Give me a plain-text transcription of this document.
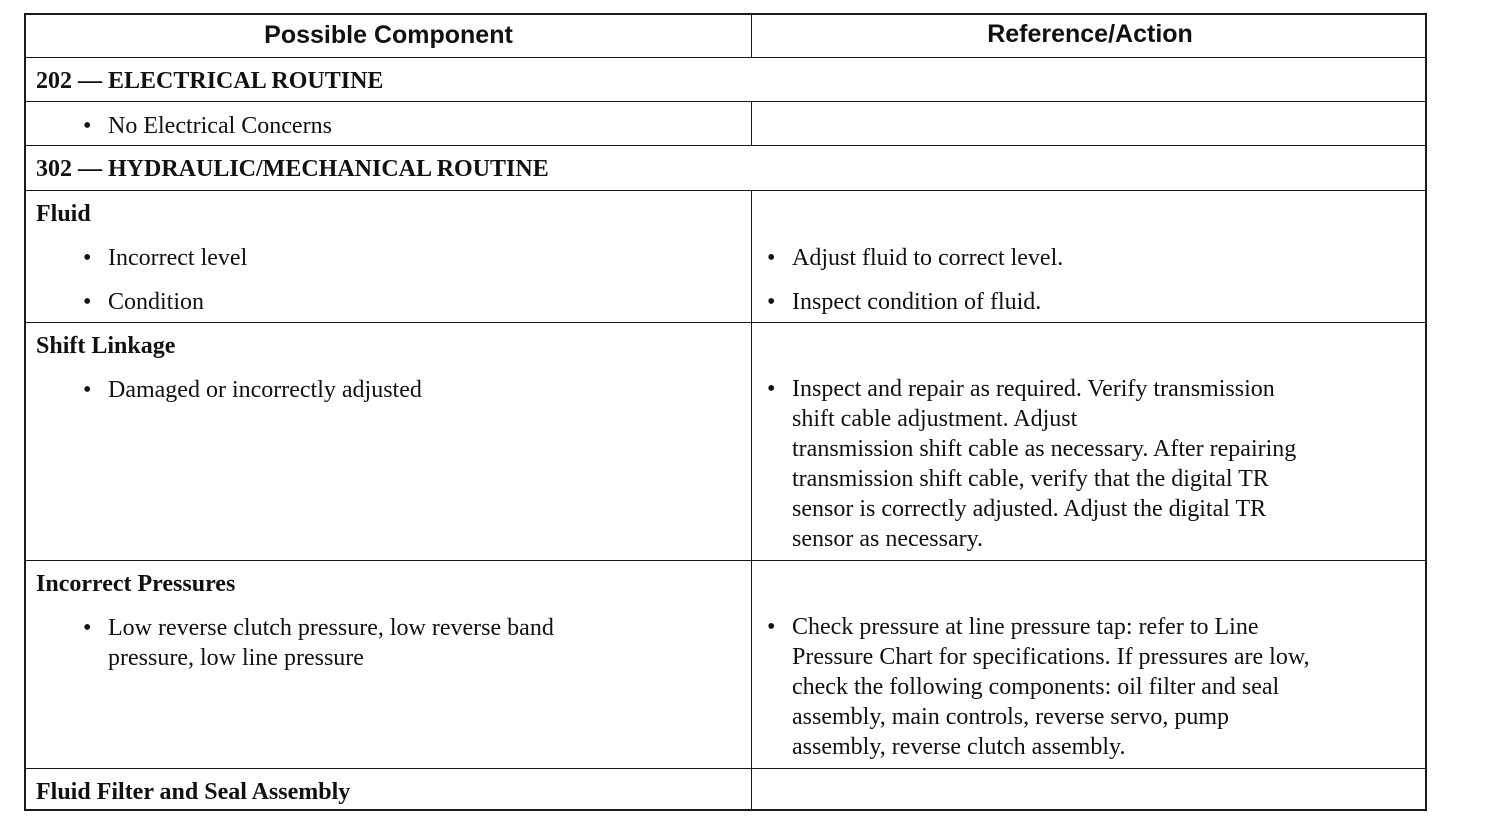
Possible Component	Reference/Action
202 — ELECTRICAL ROUTINE
• No Electrical Concerns
302 — HYDRAULIC/MECHANICAL ROUTINE
Fluid
• Incorrect level
• Condition
• Adjust fluid to correct level.
• Inspect condition of fluid.
Shift Linkage
• Damaged or incorrectly adjusted	• Inspect and repair as required. Verify transmission
shift cable adjustment. Adjust
transmission shift cable as necessary. After repairing
transmission shift cable, verify that the digital TR
sensor is correctly adjusted. Adjust the digital TR
sensor as necessary.
Incorrect Pressures
• Low reverse clutch pressure, low reverse band
pressure, low line pressure
• Check pressure at line pressure tap: refer to Line
Pressure Chart for specifications. If pressures are low,
check the following components: oil filter and seal
assembly, main controls, reverse servo, pump
assembly, reverse clutch assembly.
Fluid Filter and Seal Assembly
